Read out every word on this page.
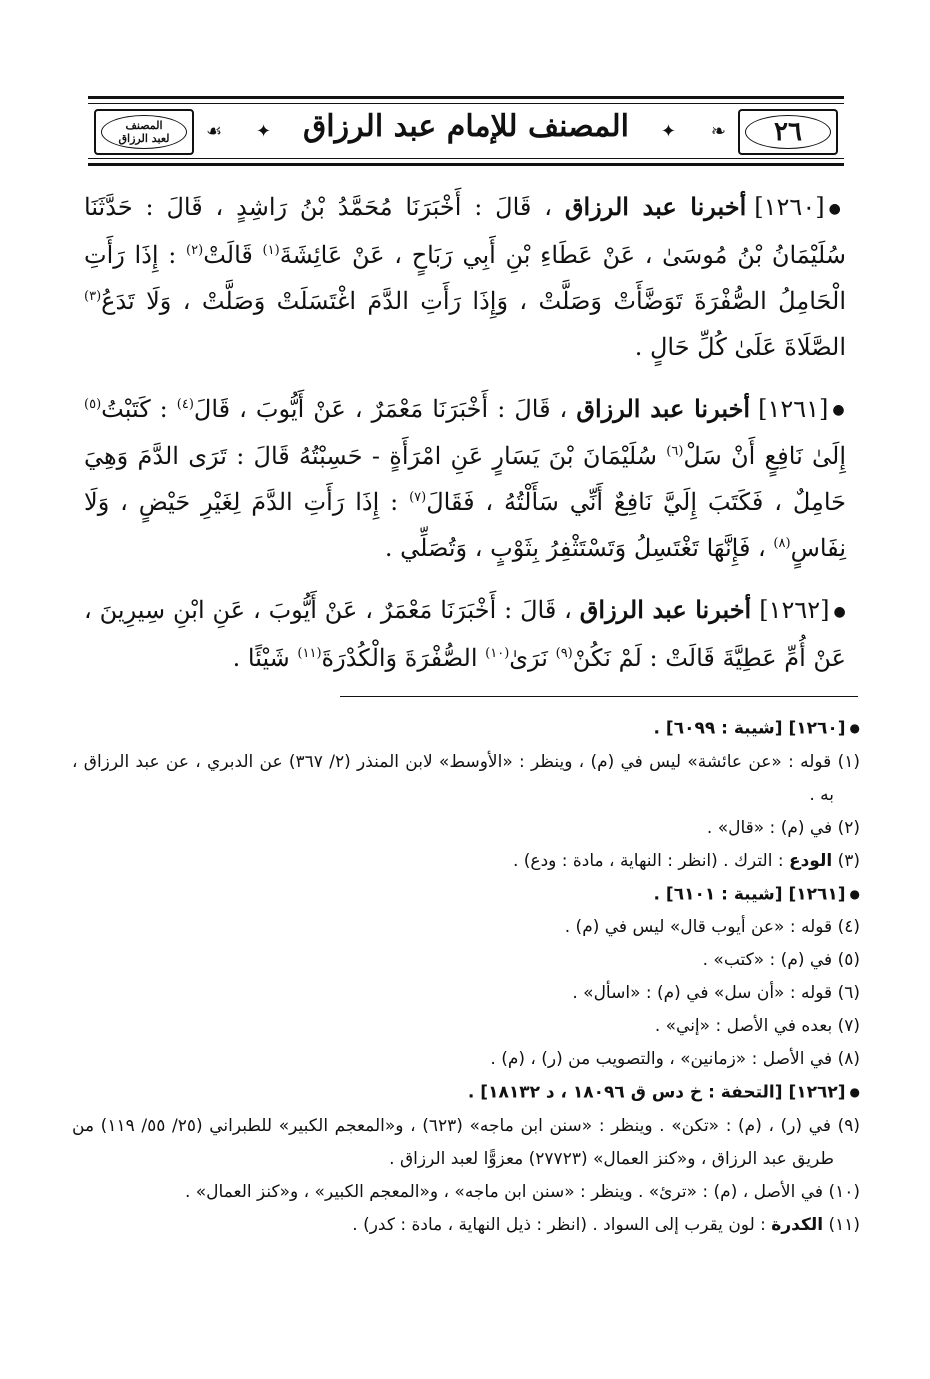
٢٦
❧
✦
المصنف للإمام عبد الرزاق
✦
☙
المصنف
لعبد الرزاق

●[١٢٦٠]أخبرنا عبد الرزاق ، قَالَ : أَخْبَرَنَا مُحَمَّدُ بْنُ رَاشِدٍ ، قَالَ : حَدَّثَنَا سُلَيْمَانُ بْنُ مُوسَىٰ ، عَنْ عَطَاءِ بْنِ أَبِي رَبَاحٍ ، عَنْ عَائِشَةَ$^{(١)}$ قَالَتْ$^{(٢)}$ : إِذَا رَأَتِ الْحَامِلُ الصُّفْرَةَ تَوَضَّأَتْ وَصَلَّتْ ، وَإِذَا رَأَتِ الدَّمَ اغْتَسَلَتْ وَصَلَّتْ ، وَلَا تَدَعُ$^{(٣)}$ الصَّلَاةَ عَلَىٰ كُلِّ حَالٍ .

●[١٢٦١]أخبرنا عبد الرزاق ، قَالَ : أَخْبَرَنَا مَعْمَرٌ ، عَنْ أَيُّوبَ ، قَالَ$^{(٤)}$ : كَتَبْتُ$^{(٥)}$ إِلَىٰ نَافِعٍ أَنْ سَلْ$^{(٦)}$ سُلَيْمَانَ بْنَ يَسَارٍ عَنِ امْرَأَةٍ - حَسِبْتُهُ قَالَ : تَرَى الدَّمَ وَهِيَ حَامِلٌ ، فَكَتَبَ إِلَيَّ نَافِعٌ أَنِّي سَأَلْتُهُ ، فَقَالَ$^{(٧)}$ : إِذَا رَأَتِ الدَّمَ لِغَيْرِ حَيْضٍ ، وَلَا نِفَاسٍ$^{(٨)}$ ، فَإِنَّهَا تَغْتَسِلُ وَتَسْتَثْفِرُ بِثَوْبٍ ، وَتُصَلِّي .

●[١٢٦٢]أخبرنا عبد الرزاق ، قَالَ : أَخْبَرَنَا مَعْمَرٌ ، عَنْ أَيُّوبَ ، عَنِ ابْنِ سِيرِينَ ، عَنْ أُمِّ عَطِيَّةَ قَالَتْ : لَمْ نَكُنْ$^{(٩)}$ نَرَىٰ$^{(١٠)}$ الصُّفْرَةَ وَالْكُدْرَةَ$^{(١١)}$ شَيْئًا .

●[١٢٦٠] [شيبة : ٦٠٩٩] .

(١) قوله : «عن عائشة» ليس في (م) ، وينظر : «الأوسط» لابن المنذر (٢/ ٣٦٧) عن الدبري ، عن عبد الرزاق ، به .

(٢) في (م) : «قال» .

(٣) الودع : الترك . (انظر : النهاية ، مادة : ودع) .

●[١٢٦١] [شيبة : ٦١٠١] .

(٤) قوله : «عن أيوب قال» ليس في (م) .

(٥) في (م) : «كتب» .

(٦) قوله : «أن سل» في (م) : «اسأل» .

(٧) بعده في الأصل : «إني» .

(٨) في الأصل : «زمانين» ، والتصويب من (ر) ، (م) .

●[١٢٦٢] [التحفة : خ دس ق ١٨٠٩٦ ، د ١٨١٣٢] .

(٩) في (ر) ، (م) : «تكن» . وينظر : «سنن ابن ماجه» (٦٢٣) ، و«المعجم الكبير» للطبراني (٢٥/ ٥٥/ ١١٩) من طريق عبد الرزاق ، و«كنز العمال» (٢٧٧٢٣) معزوًّا لعبد الرزاق .

(١٠) في الأصل ، (م) : «ترئ» . وينظر : «سنن ابن ماجه» ، و«المعجم الكبير» ، و«كنز العمال» .

(١١) الكدرة : لون يقرب إلى السواد . (انظر : ذيل النهاية ، مادة : كدر) .
